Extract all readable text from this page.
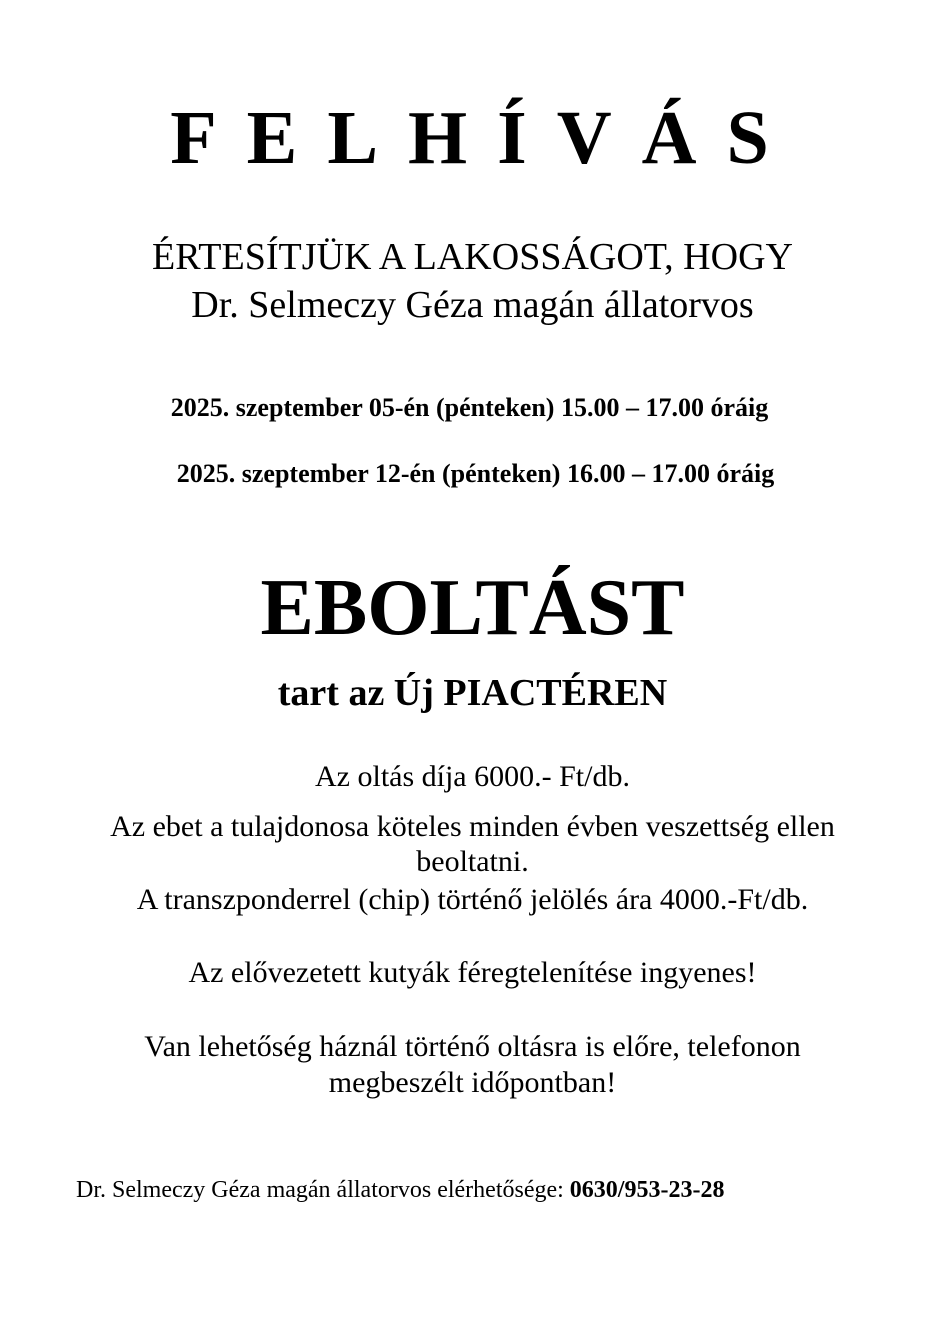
FELHÍVÁS
ÉRTESÍTJÜK A LAKOSSÁGOT, HOGY
Dr. Selmeczy Géza magán állatorvos
2025. szeptember 05-én (pénteken) 15.00 – 17.00 óráig
2025. szeptember 12-én (pénteken) 16.00 – 17.00 óráig
EBOLTÁST
tart az Új PIACTÉREN
Az oltás díja 6000.- Ft/db.
Az ebet a tulajdonosa köteles minden évben veszettség ellen
beoltatni.
A transzponderrel (chip) történő jelölés ára 4000.-Ft/db.
Az elővezetett kutyák féregtelenítése ingyenes!
Van lehetőség háznál történő oltásra is előre, telefonon
megbeszélt időpontban!
Dr. Selmeczy Géza magán állatorvos elérhetősége: 0630/953-23-28
